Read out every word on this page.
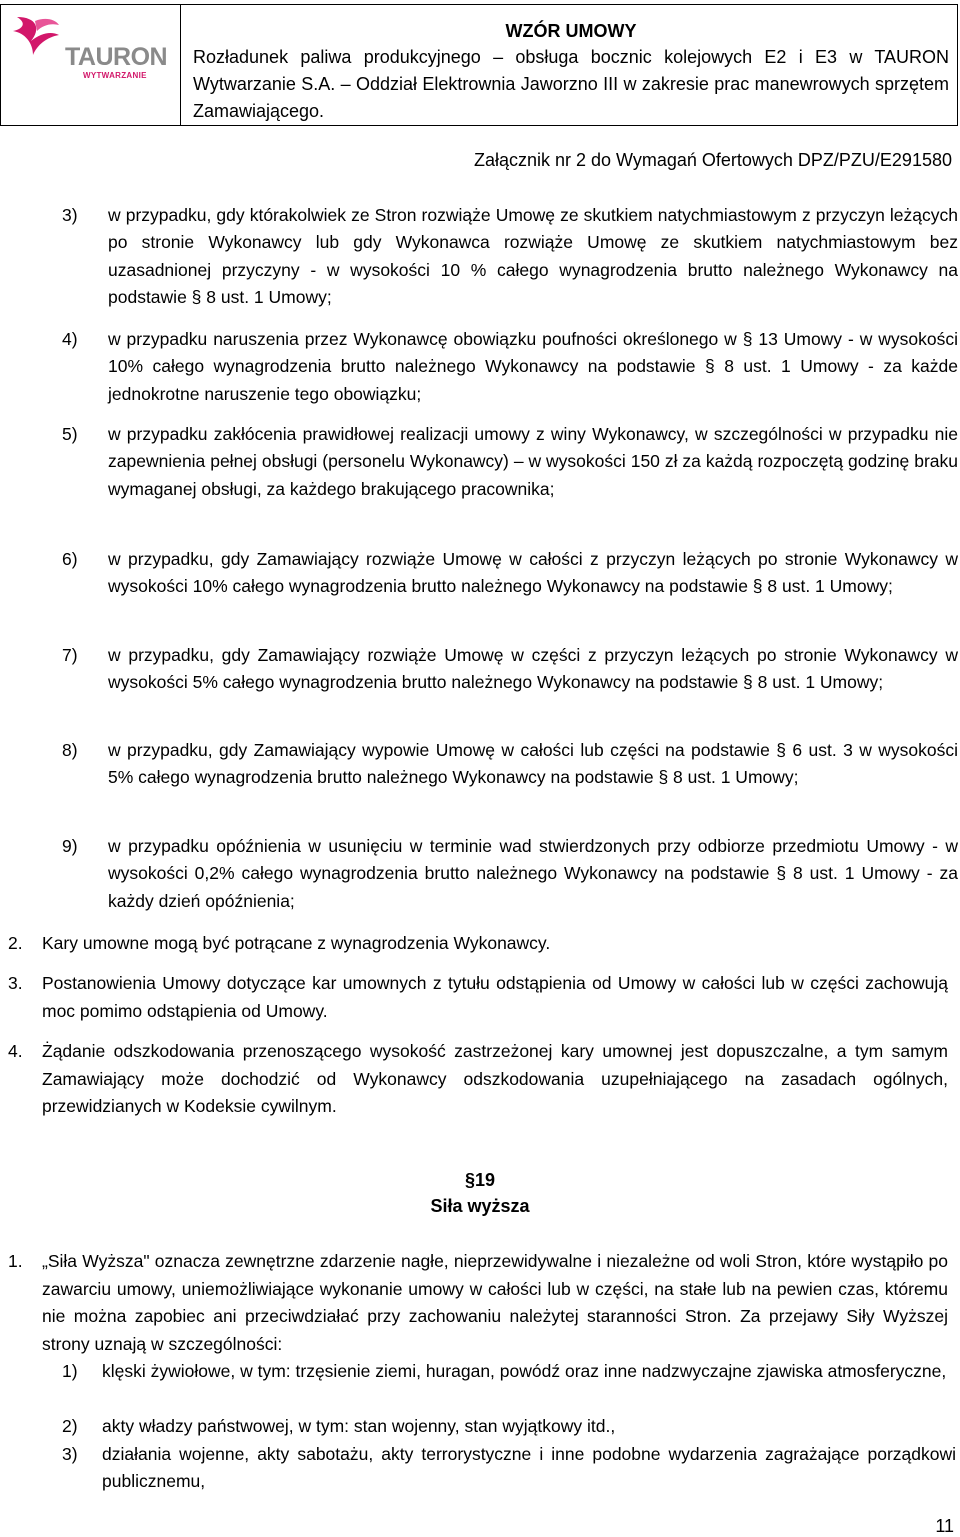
TAURON
WYTWARZANIE
WZÓR UMOWY
Rozładunek paliwa produkcyjnego – obsługa bocznic kolejowych E2 i E3 w TAURON Wytwarzanie S.A. – Oddział Elektrownia Jaworzno III w zakresie prac manewrowych sprzętem Zamawiającego.
Załącznik nr 2 do Wymagań Ofertowych DPZ/PZU/E291580
3) w przypadku, gdy którakolwiek ze Stron rozwiąże Umowę ze skutkiem natychmiastowym z przyczyn leżących po stronie Wykonawcy lub gdy Wykonawca rozwiąże Umowę ze skutkiem natychmiastowym bez uzasadnionej przyczyny - w wysokości 10 % całego wynagrodzenia brutto należnego Wykonawcy na podstawie § 8 ust. 1 Umowy;
4) w przypadku naruszenia przez Wykonawcę obowiązku poufności określonego w § 13 Umowy - w wysokości 10% całego wynagrodzenia brutto należnego Wykonawcy na podstawie § 8 ust. 1 Umowy - za każde jednokrotne naruszenie tego obowiązku;
5) w przypadku zakłócenia prawidłowej realizacji umowy z winy Wykonawcy, w szczególności w przypadku nie zapewnienia pełnej obsługi (personelu Wykonawcy) – w wysokości 150 zł za każdą rozpoczętą godzinę braku wymaganej obsługi, za każdego brakującego pracownika;
6) w przypadku, gdy Zamawiający rozwiąże Umowę w całości z przyczyn leżących po stronie Wykonawcy w wysokości 10% całego wynagrodzenia brutto należnego Wykonawcy na podstawie § 8 ust. 1 Umowy;
7) w przypadku, gdy Zamawiający rozwiąże Umowę w części z przyczyn leżących po stronie Wykonawcy w wysokości 5% całego wynagrodzenia brutto należnego Wykonawcy na podstawie § 8 ust. 1 Umowy;
8) w przypadku, gdy Zamawiający wypowie Umowę w całości lub części na podstawie § 6 ust. 3 w wysokości 5% całego wynagrodzenia brutto należnego Wykonawcy na podstawie § 8 ust. 1 Umowy;
9) w przypadku opóźnienia w usunięciu w terminie wad stwierdzonych przy odbiorze przedmiotu Umowy - w wysokości 0,2% całego wynagrodzenia brutto należnego Wykonawcy na podstawie § 8 ust. 1 Umowy - za każdy dzień opóźnienia;
2. Kary umowne mogą być potrącane z wynagrodzenia Wykonawcy.
3. Postanowienia Umowy dotyczące kar umownych z tytułu odstąpienia od Umowy w całości lub w części zachowują moc pomimo odstąpienia od Umowy.
4. Żądanie odszkodowania przenoszącego wysokość zastrzeżonej kary umownej jest dopuszczalne, a tym samym Zamawiający może dochodzić od Wykonawcy odszkodowania uzupełniającego na zasadach ogólnych, przewidzianych w Kodeksie cywilnym.
§19
Siła wyższa
1. „Siła Wyższa" oznacza zewnętrzne zdarzenie nagłe, nieprzewidywalne i niezależne od woli Stron, które wystąpiło po zawarciu umowy, uniemożliwiające wykonanie umowy w całości lub w części, na stałe lub na pewien czas, któremu nie można zapobiec ani przeciwdziałać przy zachowaniu należytej staranności Stron. Za przejawy Siły Wyższej strony uznają w szczególności:
1) klęski żywiołowe, w tym: trzęsienie ziemi, huragan, powódź oraz inne nadzwyczajne zjawiska atmosferyczne,
2) akty władzy państwowej, w tym: stan wojenny, stan wyjątkowy itd.,
3) działania wojenne, akty sabotażu, akty terrorystyczne i inne podobne wydarzenia zagrażające porządkowi publicznemu,
11
